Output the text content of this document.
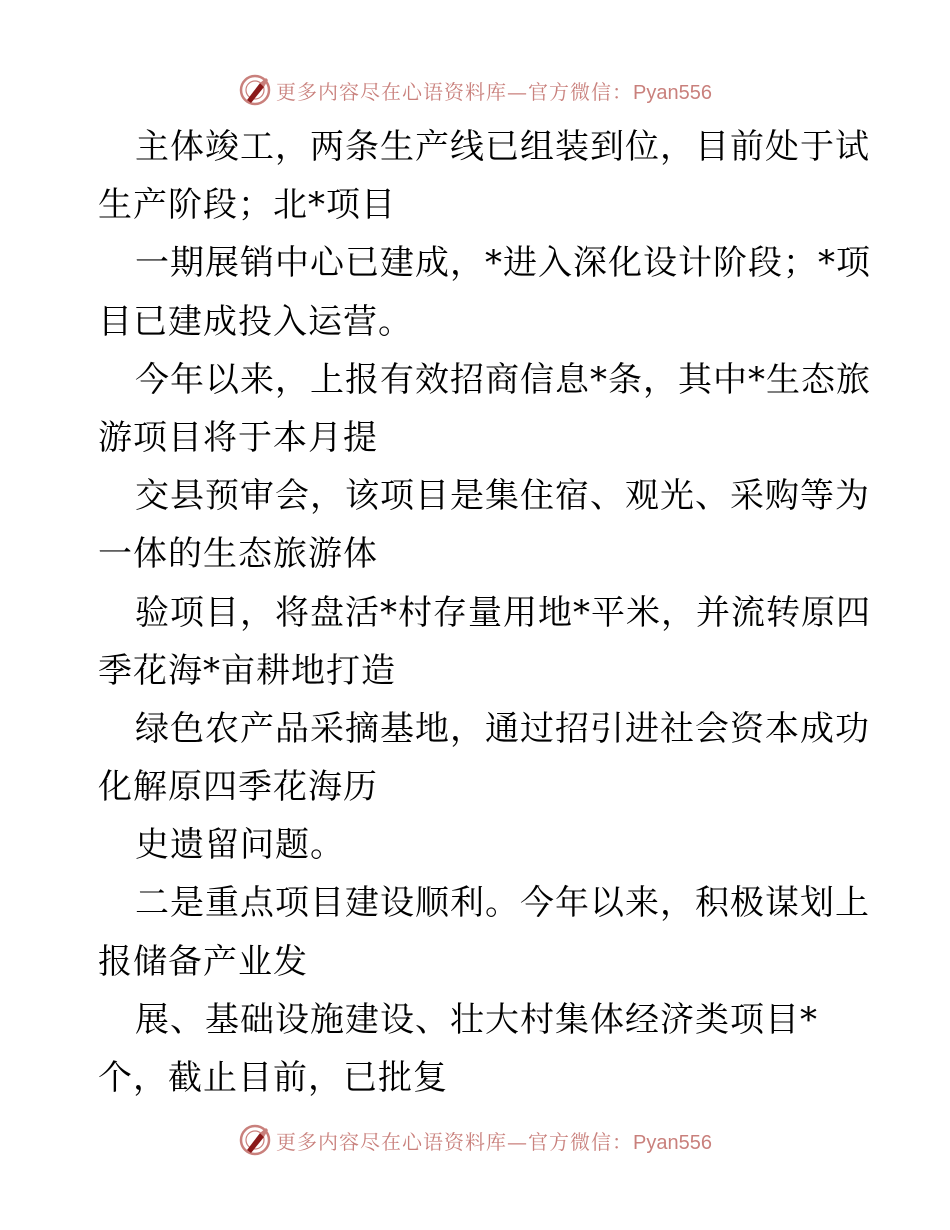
更多内容尽在心语资料库—官方微信：Pyan556
主体竣工，两条生产线已组装到位，目前处于试
生产阶段；北*项目
一期展销中心已建成，*进入深化设计阶段；*项
目已建成投入运营。
今年以来，上报有效招商信息*条，其中*生态旅
游项目将于本月提
交县预审会，该项目是集住宿、观光、采购等为
一体的生态旅游体
验项目，将盘活*村存量用地*平米，并流转原四
季花海*亩耕地打造
绿色农产品采摘基地，通过招引进社会资本成功
化解原四季花海历
史遗留问题。
二是重点项目建设顺利。今年以来，积极谋划上
报储备产业发
展、基础设施建设、壮大村集体经济类项目*
个，截止目前，已批复
更多内容尽在心语资料库—官方微信：Pyan556
